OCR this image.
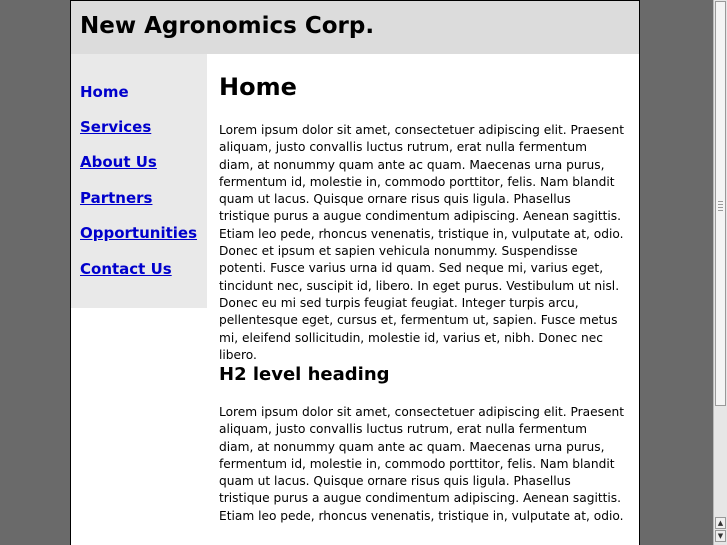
New Agronomics Corp.
Home
Services
About Us
Partners
Opportunities
Contact Us
Home

Lorem ipsum dolor sit amet, consectetuer adipiscing elit. Praesent aliquam, justo convallis luctus rutrum, erat nulla fermentum diam, at nonummy quam ante ac quam. Maecenas urna purus, fermentum id, molestie in, commodo porttitor, felis. Nam blandit quam ut lacus. Quisque ornare risus quis ligula. Phasellus tristique purus a augue condimentum adipiscing. Aenean sagittis. Etiam leo pede, rhoncus venenatis, tristique in, vulputate at, odio. Donec et ipsum et sapien vehicula nonummy. Suspendisse potenti. Fusce varius urna id quam. Sed neque mi, varius eget, tincidunt nec, suscipit id, libero. In eget purus. Vestibulum ut nisl. Donec eu mi sed turpis feugiat feugiat. Integer turpis arcu, pellentesque eget, cursus et, fermentum ut, sapien. Fusce metus mi, eleifend sollicitudin, molestie id, varius et, nibh. Donec nec libero.

H2 level heading

Lorem ipsum dolor sit amet, consectetuer adipiscing elit. Praesent aliquam, justo convallis luctus rutrum, erat nulla fermentum diam, at nonummy quam ante ac quam. Maecenas urna purus, fermentum id, molestie in, commodo porttitor, felis. Nam blandit quam ut lacus. Quisque ornare risus quis ligula. Phasellus tristique purus a augue condimentum adipiscing. Aenean sagittis. Etiam leo pede, rhoncus venenatis, tristique in, vulputate at, odio.

▲
▼
